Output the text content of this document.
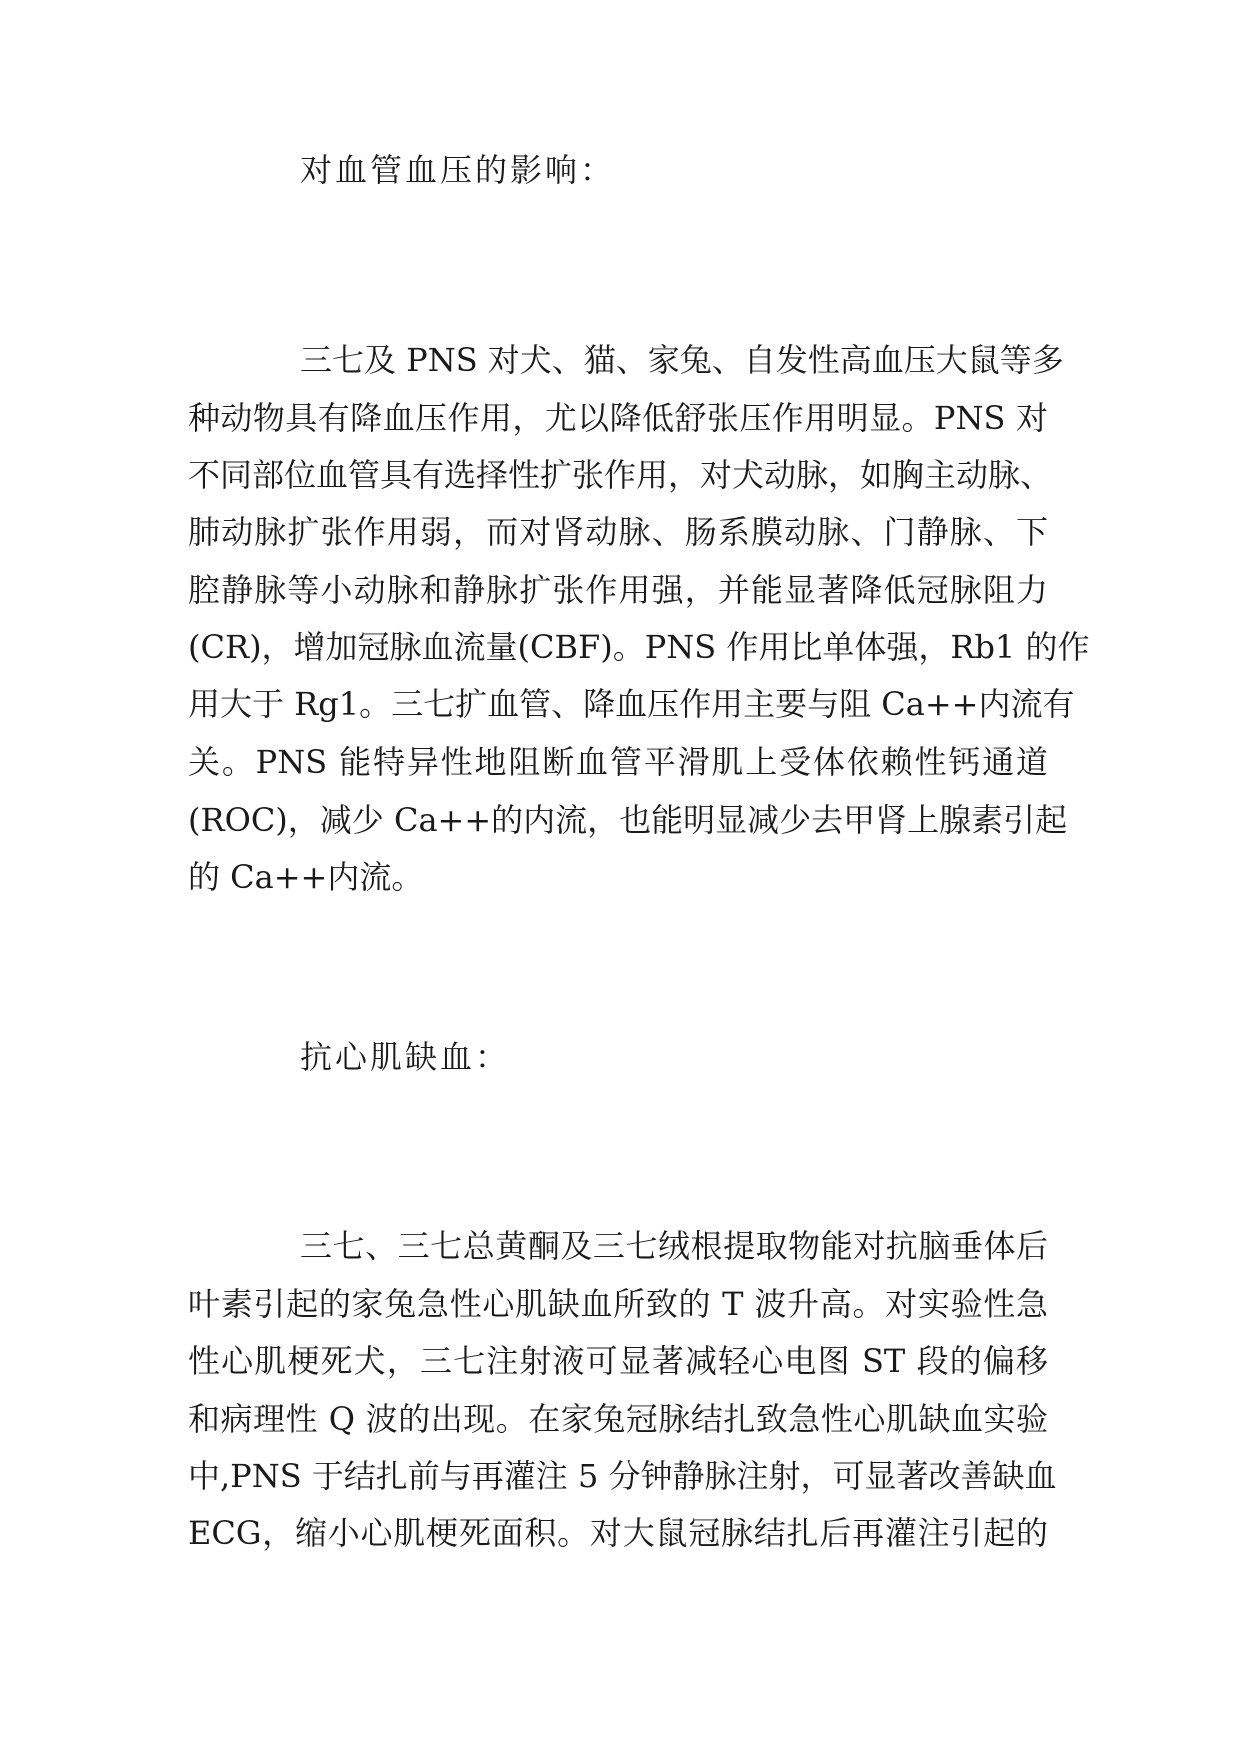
对血管血压的影响：
三七及 PNS 对犬、猫、家兔、自发性高血压大鼠等多
种动物具有降血压作用，尤以降低舒张压作用明显。PNS 对
不同部位血管具有选择性扩张作用，对犬动脉，如胸主动脉、
肺动脉扩张作用弱，而对肾动脉、肠系膜动脉、门静脉、下
腔静脉等小动脉和静脉扩张作用强，并能显著降低冠脉阻力
(CR)，增加冠脉血流量(CBF)。PNS 作用比单体强，Rb1 的作
用大于 Rg1。三七扩血管、降血压作用主要与阻 Ca++内流有
关。PNS 能特异性地阻断血管平滑肌上受体依赖性钙通道
(ROC)，减少 Ca++的内流，也能明显减少去甲肾上腺素引起
的 Ca++内流。
抗心肌缺血：
三七、三七总黄酮及三七绒根提取物能对抗脑垂体后
叶素引起的家兔急性心肌缺血所致的 T 波升高。对实验性急
性心肌梗死犬，三七注射液可显著减轻心电图 ST 段的偏移
和病理性 Q 波的出现。在家兔冠脉结扎致急性心肌缺血实验
中,PNS 于结扎前与再灌注 5 分钟静脉注射，可显著改善缺血
ECG，缩小心肌梗死面积。对大鼠冠脉结扎后再灌注引起的
